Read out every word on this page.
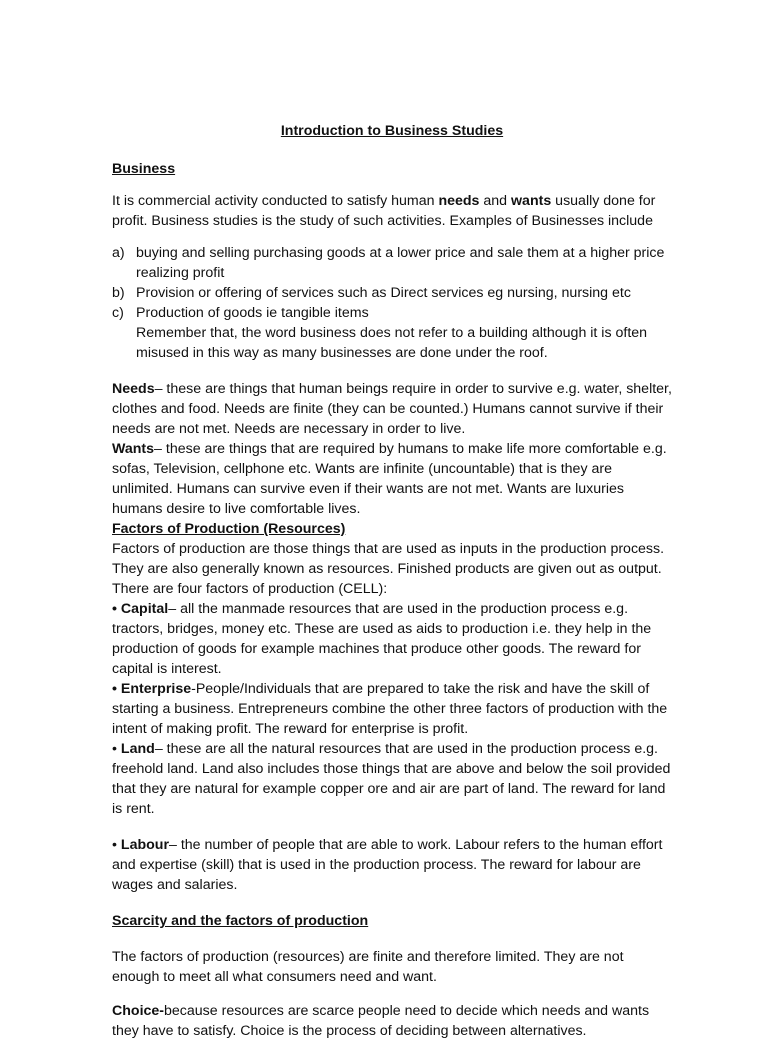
Introduction to Business Studies

Business

It is commercial activity conducted to satisfy human needs and wants usually done for profit. Business studies is the study of such activities. Examples of Businesses include

a) buying and selling purchasing goods at a lower price and sale them at a higher price realizing profit
b) Provision or offering of services such as Direct services eg nursing, nursing etc
c) Production of goods ie tangible items
Remember that, the word business does not refer to a building although it is often misused in this way as many businesses are done under the roof.

Needs– these are things that human beings require in order to survive e.g. water, shelter, clothes and food. Needs are finite (they can be counted.) Humans cannot survive if their needs are not met. Needs are necessary in order to live.

Wants– these are things that are required by humans to make life more comfortable e.g. sofas, Television, cellphone etc. Wants are infinite (uncountable) that is they are unlimited. Humans can survive even if their wants are not met. Wants are luxuries humans desire to live comfortable lives.

Factors of Production (Resources)

Factors of production are those things that are used as inputs in the production process. They are also generally known as resources. Finished products are given out as output. There are four factors of production (CELL):

• Capital– all the manmade resources that are used in the production process e.g. tractors, bridges, money etc. These are used as aids to production i.e. they help in the production of goods for example machines that produce other goods. The reward for capital is interest.

• Enterprise-People/Individuals that are prepared to take the risk and have the skill of starting a business. Entrepreneurs combine the other three factors of production with the intent of making profit. The reward for enterprise is profit.

• Land– these are all the natural resources that are used in the production process e.g. freehold land. Land also includes those things that are above and below the soil provided that they are natural for example copper ore and air are part of land. The reward for land is rent.

• Labour– the number of people that are able to work. Labour refers to the human effort and expertise (skill) that is used in the production process. The reward for labour are wages and salaries.

Scarcity and the factors of production

The factors of production (resources) are finite and therefore limited. They are not enough to meet all what consumers need and want.

Choice-because resources are scarce people need to decide which needs and wants they have to satisfy. Choice is the process of deciding between alternatives.
